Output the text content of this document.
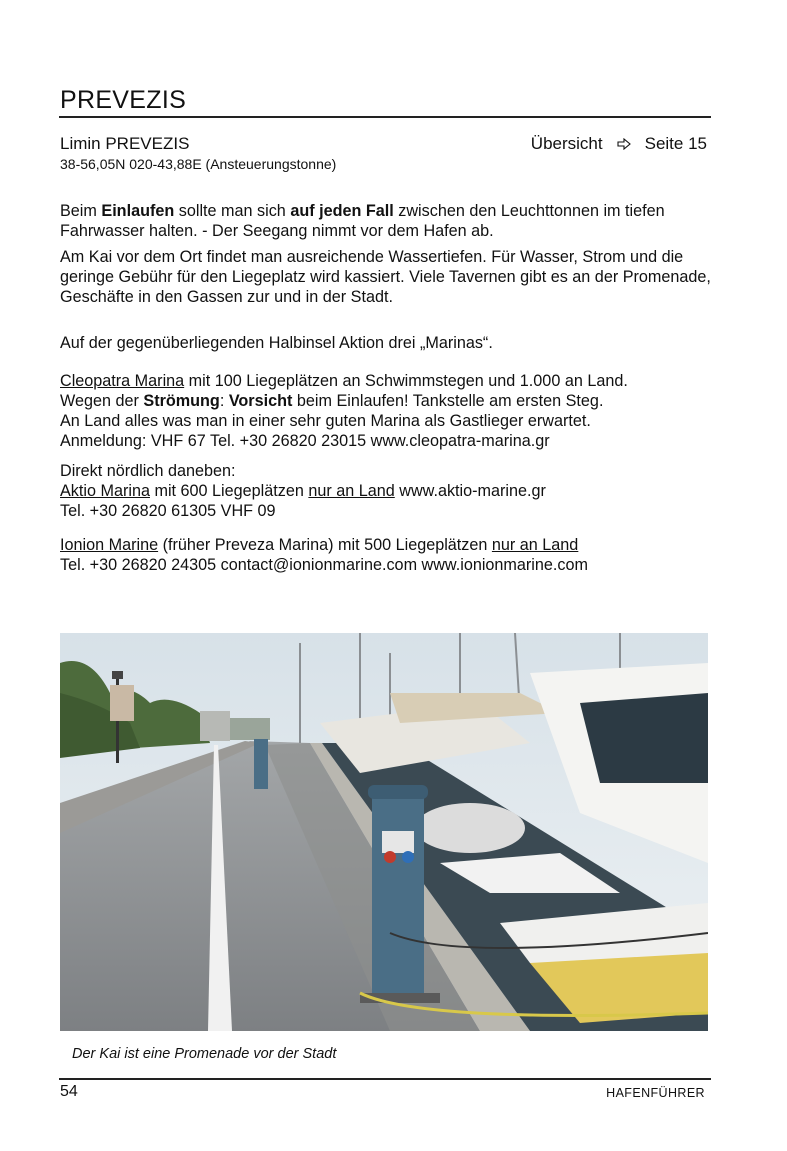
PREVEZIS
Limin PREVEZIS
38-56,05N 020-43,88E (Ansteuerungstonne)
Übersicht Seite 15

Beim Einlaufen sollte man sich auf jeden Fall zwischen den Leuchttonnen im tiefen Fahrwasser halten. - Der Seegang nimmt vor dem Hafen ab.

Am Kai vor dem Ort findet man ausreichende Wassertiefen. Für Wasser, Strom und die geringe Gebühr für den Liegeplatz wird kassiert. Viele Tavernen gibt es an der Promenade, Geschäfte in den Gassen zur und in der Stadt.

Auf der gegenüberliegenden Halbinsel Aktion drei „Marinas“.

Cleopatra Marina mit 100 Liegeplätzen an Schwimmstegen und 1.000 an Land.

Wegen der Strömung: Vorsicht beim Einlaufen! Tankstelle am ersten Steg.

An Land alles was man in einer sehr guten Marina als Gastlieger erwartet.

Anmeldung: VHF 67 Tel. +30 26820 23015 www.cleopatra-marina.gr

Direkt nördlich daneben:

Aktio Marina mit 600 Liegeplätzen nur an Land www.aktio-marine.gr

Tel. +30 26820 61305 VHF 09

Ionion Marine (früher Preveza Marina) mit 500 Liegeplätzen nur an Land

Tel. +30 26820 24305 contact@ionionmarine.com www.ionionmarine.com

Der Kai ist eine Promenade vor der Stadt
54	HAFENFÜHRER
